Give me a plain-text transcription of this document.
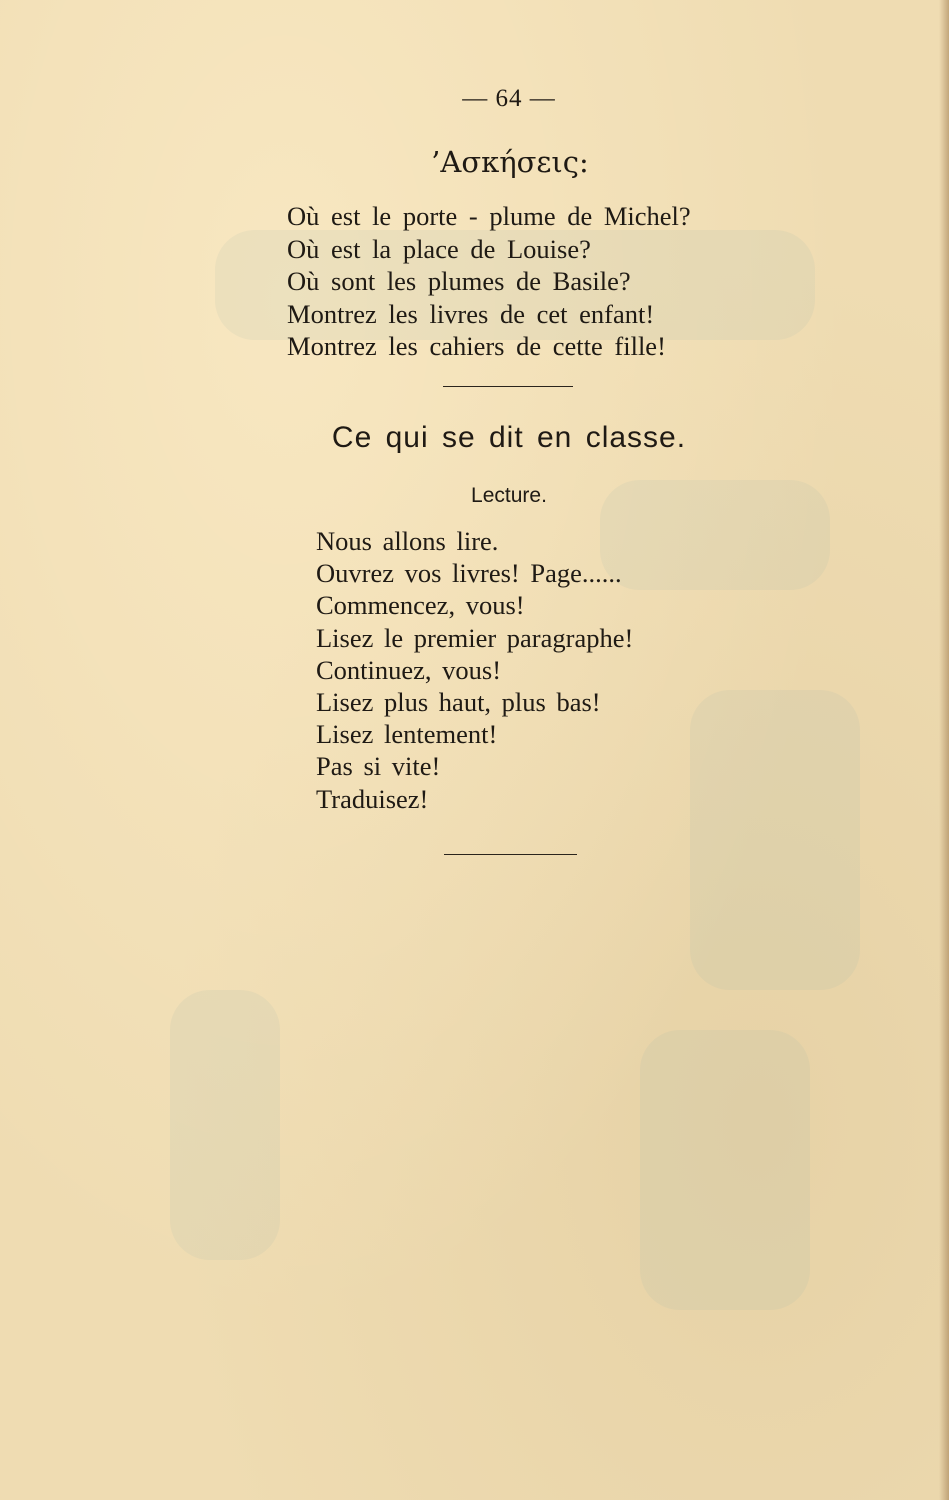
— 64 —
’Ασκήσεις:
Où est le porte - plume de Michel?
Où est la place de Louise?
Où sont les plumes de Basile?
Montrez les livres de cet enfant!
Montrez les cahiers de cette fille!
Ce qui se dit en classe.
Lecture.
Nous allons lire.
Ouvrez vos livres! Page......
Commencez, vous!
Lisez le premier paragraphe!
Continuez, vous!
Lisez plus haut, plus bas!
Lisez lentement!
Pas si vite!
Traduisez!
